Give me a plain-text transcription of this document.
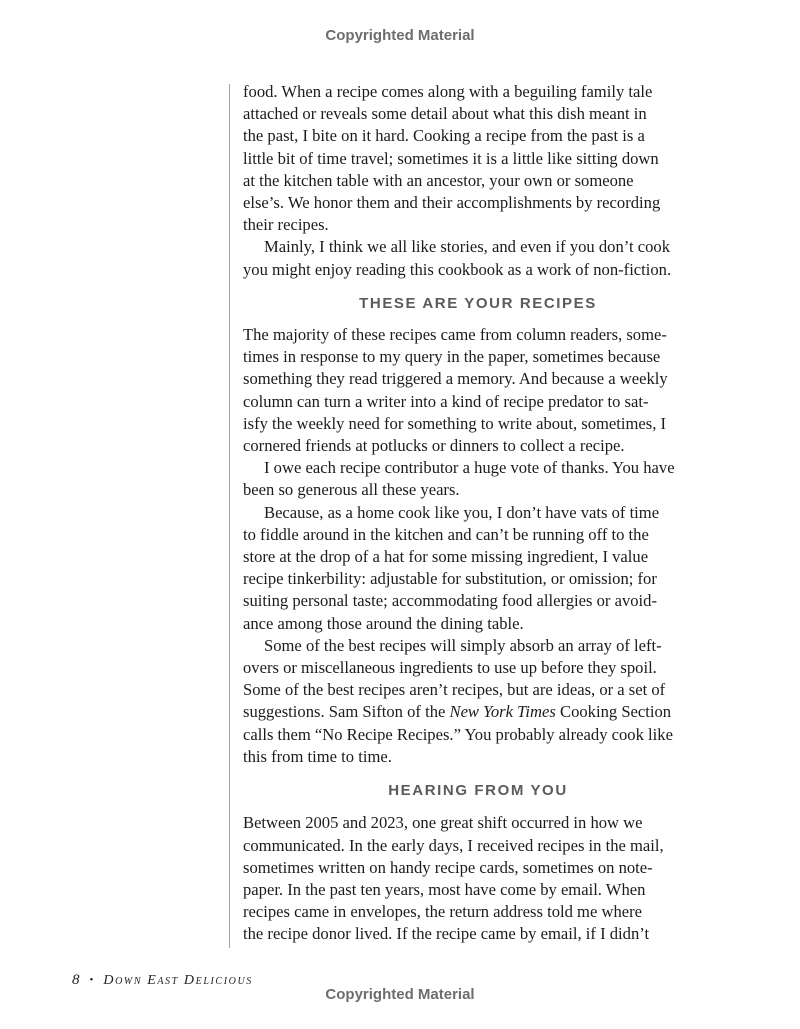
Copyrighted Material

food. When a recipe comes along with a beguiling family tale
attached or reveals some detail about what this dish meant in
the past, I bite on it hard. Cooking a recipe from the past is a
little bit of time travel; sometimes it is a little like sitting down
at the kitchen table with an ancestor, your own or someone
else’s. We honor them and their accomplishments by recording
their recipes.

Mainly, I think we all like stories, and even if you don’t cook
you might enjoy reading this cookbook as a work of non-fiction.

THESE ARE YOUR RECIPES

The majority of these recipes came from column readers, some-
times in response to my query in the paper, sometimes because
something they read triggered a memory. And because a weekly
column can turn a writer into a kind of recipe predator to sat-
isfy the weekly need for something to write about, sometimes, I
cornered friends at potlucks or dinners to collect a recipe.

I owe each recipe contributor a huge vote of thanks. You have
been so generous all these years.

Because, as a home cook like you, I don’t have vats of time
to fiddle around in the kitchen and can’t be running off to the
store at the drop of a hat for some missing ingredient, I value
recipe tinkerbility: adjustable for substitution, or omission; for
suiting personal taste; accommodating food allergies or avoid-
ance among those around the dining table.

Some of the best recipes will simply absorb an array of left-
overs or miscellaneous ingredients to use up before they spoil.
Some of the best recipes aren’t recipes, but are ideas, or a set of
suggestions. Sam Sifton of the New York Times Cooking Section
calls them “No Recipe Recipes.” You probably already cook like
this from time to time.

HEARING FROM YOU

Between 2005 and 2023, one great shift occurred in how we
communicated. In the early days, I received recipes in the mail,
sometimes written on handy recipe cards, sometimes on note-
paper. In the past ten years, most have come by email. When
recipes came in envelopes, the return address told me where
the recipe donor lived. If the recipe came by email, if I didn’t

8 • Down East Delicious
Copyrighted Material
